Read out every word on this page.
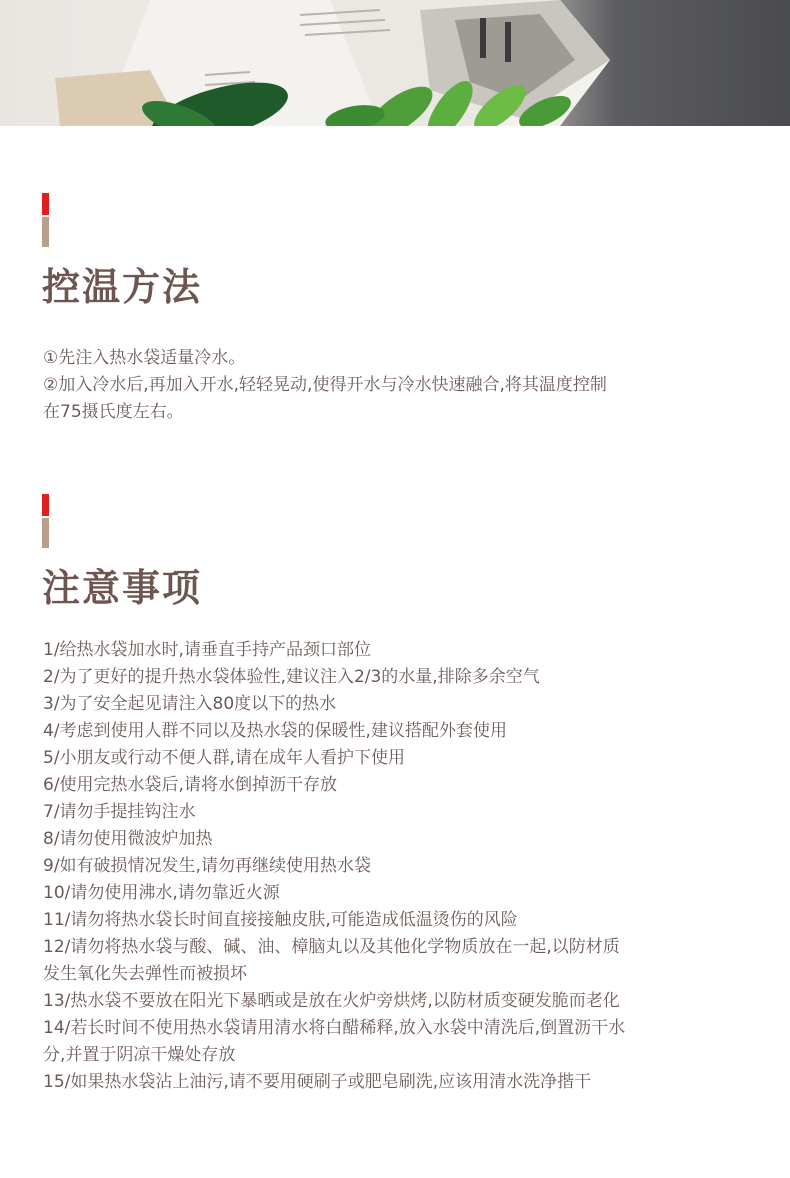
控温方法

①先注入热水袋适量冷水。

②加入冷水后,再加入开水,轻轻晃动,使得开水与冷水快速融合,将其温度控制

在75摄氏度左右。

注意事项

1/给热水袋加水时,请垂直手持产品颈口部位

2/为了更好的提升热水袋体验性,建议注入2/3的水量,排除多余空气

3/为了安全起见请注入80度以下的热水

4/考虑到使用人群不同以及热水袋的保暖性,建议搭配外套使用

5/小朋友或行动不便人群,请在成年人看护下使用

6/使用完热水袋后,请将水倒掉沥干存放

7/请勿手提挂钩注水

8/请勿使用微波炉加热

9/如有破损情况发生,请勿再继续使用热水袋

10/请勿使用沸水,请勿靠近火源

11/请勿将热水袋长时间直接接触皮肤,可能造成低温烫伤的风险

12/请勿将热水袋与酸、碱、油、樟脑丸以及其他化学物质放在一起,以防材质

发生氧化失去弹性而被损坏

13/热水袋不要放在阳光下暴晒或是放在火炉旁烘烤,以防材质变硬发脆而老化

14/若长时间不使用热水袋请用清水将白醋稀释,放入水袋中清洗后,倒置沥干水

分,并置于阴凉干燥处存放

15/如果热水袋沾上油污,请不要用硬刷子或肥皂刷洗,应该用清水洗净揩干
